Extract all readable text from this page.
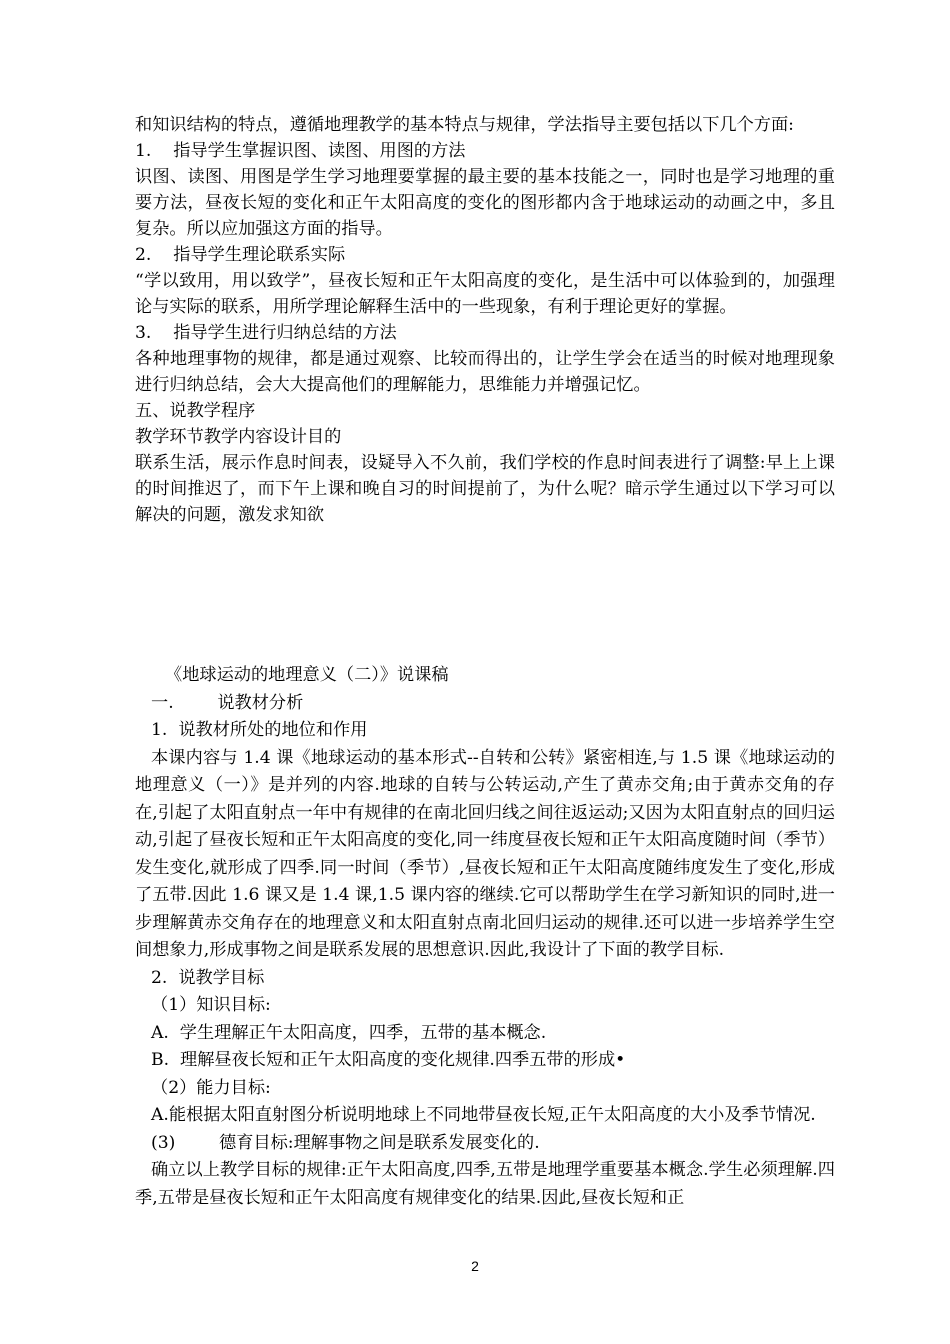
和知识结构的特点，遵循地理教学的基本特点与规律，学法指导主要包括以下几个方面:

1.    指导学生掌握识图、读图、用图的方法

识图、读图、用图是学生学习地理要掌握的最主要的基本技能之一，同时也是学习地理的重要方法，昼夜长短的变化和正午太阳高度的变化的图形都内含于地球运动的动画之中，多且复杂。所以应加强这方面的指导。

2.    指导学生理论联系实际

“学以致用，用以致学”，昼夜长短和正午太阳高度的变化，是生活中可以体验到的，加强理论与实际的联系，用所学理论解释生活中的一些现象，有利于理论更好的掌握。

3.    指导学生进行归纳总结的方法

各种地理事物的规律，都是通过观察、比较而得出的，让学生学会在适当的时候对地理现象进行归纳总结，会大大提高他们的理解能力，思维能力并增强记忆。

五、说教学程序

教学环节教学内容设计目的

联系生活，展示作息时间表，设疑导入不久前，我们学校的作息时间表进行了调整:早上上课的时间推迟了，而下午上课和晚自习的时间提前了，为什么呢？暗示学生通过以下学习可以解决的问题，激发求知欲

《地球运动的地理意义（二）》说课稿

一.        说教材分析

1.  说教材所处的地位和作用

本课内容与 1.4 课《地球运动的基本形式--自转和公转》紧密相连,与 1.5 课《地球运动的地理意义（一）》是并列的内容.地球的自转与公转运动,产生了黄赤交角;由于黄赤交角的存在,引起了太阳直射点一年中有规律的在南北回归线之间往返运动;又因为太阳直射点的回归运动,引起了昼夜长短和正午太阳高度的变化,同一纬度昼夜长短和正午太阳高度随时间（季节）发生变化,就形成了四季.同一时间（季节）,昼夜长短和正午太阳高度随纬度发生了变化,形成了五带.因此 1.6 课又是 1.4 课,1.5 课内容的继续.它可以帮助学生在学习新知识的同时,进一步理解黄赤交角存在的地理意义和太阳直射点南北回归运动的规律.还可以进一步培养学生空间想象力,形成事物之间是联系发展的思想意识.因此,我设计了下面的教学目标.

2.  说教学目标

（1）知识目标:

A.  学生理解正午太阳高度，四季，五带的基本概念.

B.  理解昼夜长短和正午太阳高度的变化规律.四季五带的形成•

（2）能力目标:

A.能根据太阳直射图分析说明地球上不同地带昼夜长短,正午太阳高度的大小及季节情况.

(3)        德育目标:理解事物之间是联系发展变化的.

确立以上教学目标的规律:正午太阳高度,四季,五带是地理学重要基本概念.学生必须理解.四季,五带是昼夜长短和正午太阳高度有规律变化的结果.因此,昼夜长短和正

2
